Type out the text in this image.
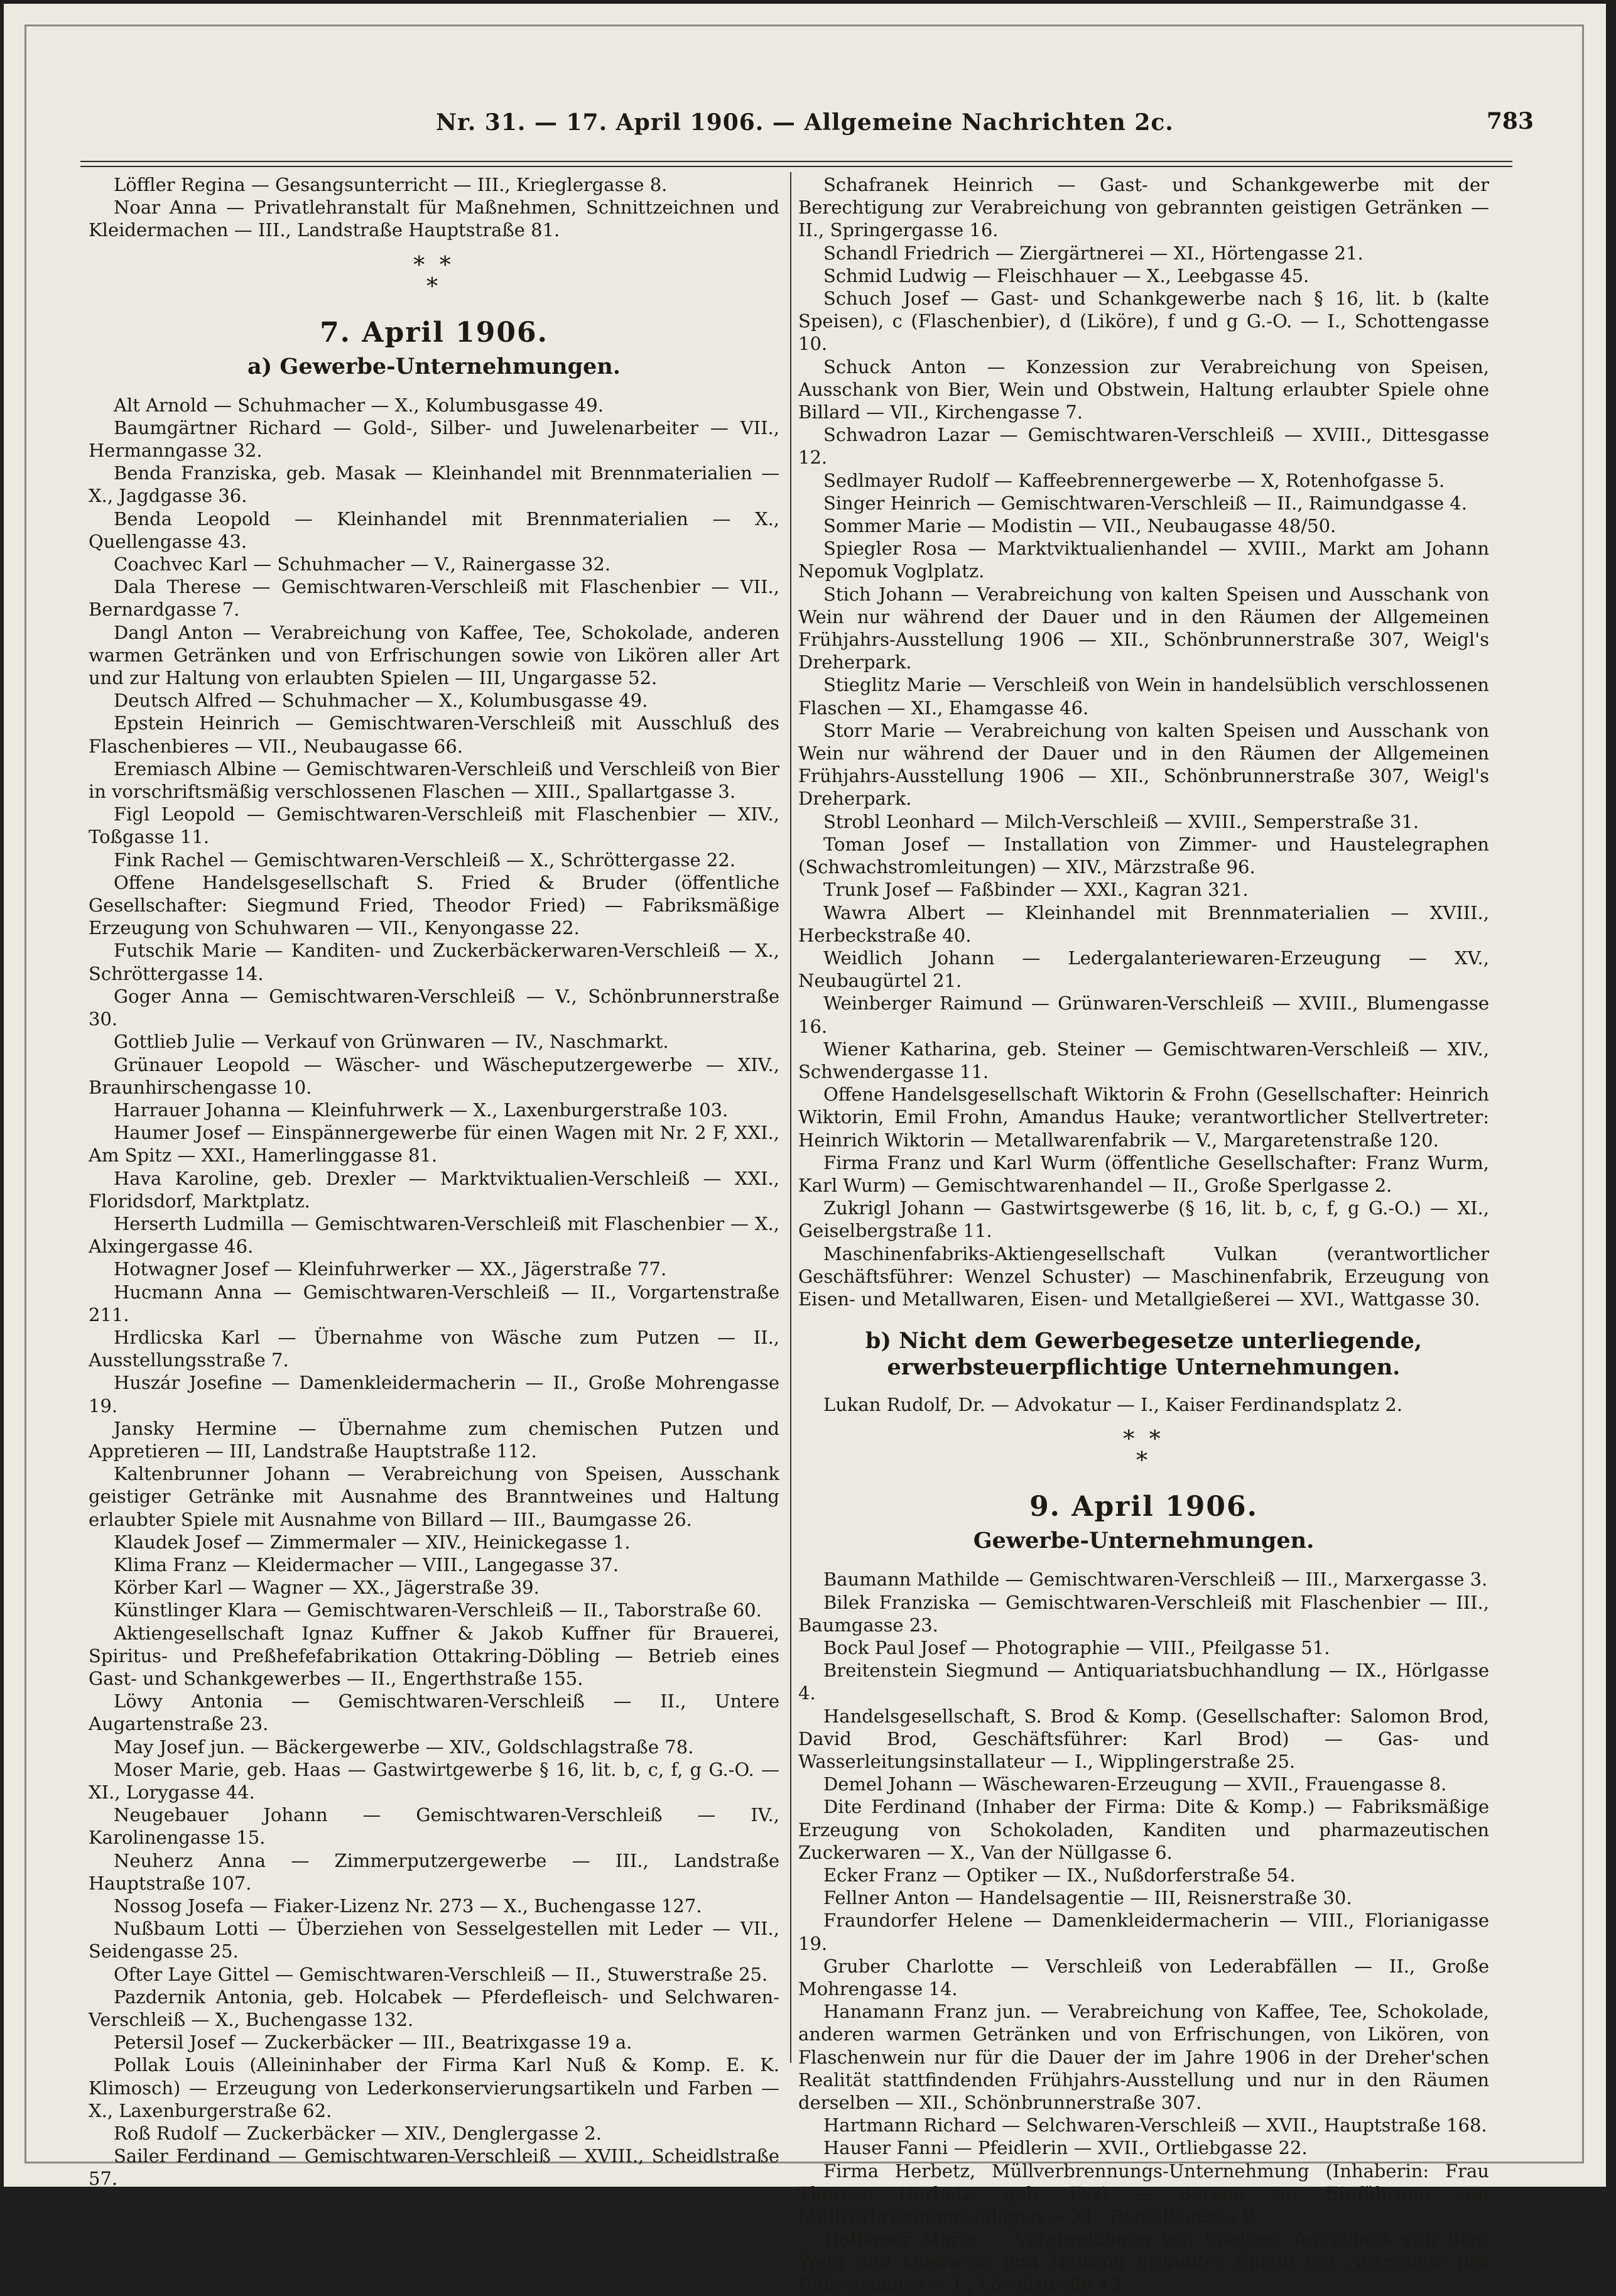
Nr. 31. — 17. April 1906. — Allgemeine Nachrichten 2c.	783

Löffler Regina — Gesangsunterricht — III., Krieglergasse 8.

Noar Anna — Privatlehranstalt für Maßnehmen, Schnittzeichnen und Kleidermachen — III., Landstraße Hauptstraße 81.

* *
*
7. April 1906.
a) Gewerbe-Unternehmungen.

Alt Arnold — Schuhmacher — X., Kolumbusgasse 49.

Baumgärtner Richard — Gold-, Silber- und Juwelenarbeiter — VII., Hermanngasse 32.

Benda Franziska, geb. Masak — Kleinhandel mit Brennmaterialien — X., Jagdgasse 36.

Benda Leopold — Kleinhandel mit Brennmaterialien — X., Quellengasse 43.

Coachvec Karl — Schuhmacher — V., Rainergasse 32.

Dala Therese — Gemischtwaren-Verschleiß mit Flaschenbier — VII., Bernardgasse 7.

Dangl Anton — Verabreichung von Kaffee, Tee, Schokolade, anderen warmen Getränken und von Erfrischungen sowie von Likören aller Art und zur Haltung von erlaubten Spielen — III, Ungargasse 52.

Deutsch Alfred — Schuhmacher — X., Kolumbusgasse 49.

Epstein Heinrich — Gemischtwaren-Verschleiß mit Ausschluß des Flaschenbieres — VII., Neubaugasse 66.

Eremiasch Albine — Gemischtwaren-Verschleiß und Verschleiß von Bier in vorschriftsmäßig verschlossenen Flaschen — XIII., Spallartgasse 3.

Figl Leopold — Gemischtwaren-Verschleiß mit Flaschenbier — XIV., Toßgasse 11.

Fink Rachel — Gemischtwaren-Verschleiß — X., Schröttergasse 22.

Offene Handelsgesellschaft S. Fried & Bruder (öffentliche Gesellschafter: Siegmund Fried, Theodor Fried) — Fabriksmäßige Erzeugung von Schuhwaren — VII., Kenyongasse 22.

Futschik Marie — Kanditen- und Zuckerbäckerwaren-Verschleiß — X., Schröttergasse 14.

Goger Anna — Gemischtwaren-Verschleiß — V., Schönbrunnerstraße 30.

Gottlieb Julie — Verkauf von Grünwaren — IV., Naschmarkt.

Grünauer Leopold — Wäscher- und Wäscheputzergewerbe — XIV., Braunhirschengasse 10.

Harrauer Johanna — Kleinfuhrwerk — X., Laxenburgerstraße 103.

Haumer Josef — Einspännergewerbe für einen Wagen mit Nr. 2 F, XXI., Am Spitz — XXI., Hamerlinggasse 81.

Hava Karoline, geb. Drexler — Marktviktualien-Verschleiß — XXI., Floridsdorf, Marktplatz.

Herserth Ludmilla — Gemischtwaren-Verschleiß mit Flaschenbier — X., Alxingergasse 46.

Hotwagner Josef — Kleinfuhrwerker — XX., Jägerstraße 77.

Hucmann Anna — Gemischtwaren-Verschleiß — II., Vorgartenstraße 211.

Hrdlicska Karl — Übernahme von Wäsche zum Putzen — II., Ausstellungsstraße 7.

Huszár Josefine — Damenkleidermacherin — II., Große Mohrengasse 19.

Jansky Hermine — Übernahme zum chemischen Putzen und Appretieren — III, Landstraße Hauptstraße 112.

Kaltenbrunner Johann — Verabreichung von Speisen, Ausschank geistiger Getränke mit Ausnahme des Branntweines und Haltung erlaubter Spiele mit Ausnahme von Billard — III., Baumgasse 26.

Klaudek Josef — Zimmermaler — XIV., Heinickegasse 1.

Klima Franz — Kleidermacher — VIII., Langegasse 37.

Körber Karl — Wagner — XX., Jägerstraße 39.

Künstlinger Klara — Gemischtwaren-Verschleiß — II., Taborstraße 60.

Aktiengesellschaft Ignaz Kuffner & Jakob Kuffner für Brauerei, Spiritus- und Preßhefefabrikation Ottakring-Döbling — Betrieb eines Gast- und Schankgewerbes — II., Engerthstraße 155.

Löwy Antonia — Gemischtwaren-Verschleiß — II., Untere Augartenstraße 23.

May Josef jun. — Bäckergewerbe — XIV., Goldschlagstraße 78.

Moser Marie, geb. Haas — Gastwirtgewerbe § 16, lit. b, c, f, g G.-O. — XI., Lorygasse 44.

Neugebauer Johann — Gemischtwaren-Verschleiß — IV., Karolinengasse 15.

Neuherz Anna — Zimmerputzergewerbe — III., Landstraße Hauptstraße 107.

Nossog Josefa — Fiaker-Lizenz Nr. 273 — X., Buchengasse 127.

Nußbaum Lotti — Überziehen von Sesselgestellen mit Leder — VII., Seidengasse 25.

Ofter Laye Gittel — Gemischtwaren-Verschleiß — II., Stuwerstraße 25.

Pazdernik Antonia, geb. Holcabek — Pferdefleisch- und Selchwaren-Verschleiß — X., Buchengasse 132.

Petersil Josef — Zuckerbäcker — III., Beatrixgasse 19 a.

Pollak Louis (Alleininhaber der Firma Karl Nuß & Komp. E. K. Klimosch) — Erzeugung von Lederkonservierungsartikeln und Farben — X., Laxenburgerstraße 62.

Roß Rudolf — Zuckerbäcker — XIV., Denglergasse 2.

Sailer Ferdinand — Gemischtwaren-Verschleiß — XVIII., Scheidlstraße 57.

Schafranek Heinrich — Gast- und Schankgewerbe mit der Berechtigung zur Verabreichung von gebrannten geistigen Getränken — II., Springergasse 16.

Schandl Friedrich — Ziergärtnerei — XI., Hörtengasse 21.

Schmid Ludwig — Fleischhauer — X., Leebgasse 45.

Schuch Josef — Gast- und Schankgewerbe nach § 16, lit. b (kalte Speisen), c (Flaschenbier), d (Liköre), f und g G.-O. — I., Schottengasse 10.

Schuck Anton — Konzession zur Verabreichung von Speisen, Ausschank von Bier, Wein und Obstwein, Haltung erlaubter Spiele ohne Billard — VII., Kirchengasse 7.

Schwadron Lazar — Gemischtwaren-Verschleiß — XVIII., Dittesgasse 12.

Sedlmayer Rudolf — Kaffeebrennergewerbe — X, Rotenhofgasse 5.

Singer Heinrich — Gemischtwaren-Verschleiß — II., Raimundgasse 4.

Sommer Marie — Modistin — VII., Neubaugasse 48/50.

Spiegler Rosa — Marktviktualienhandel — XVIII., Markt am Johann Nepomuk Voglplatz.

Stich Johann — Verabreichung von kalten Speisen und Ausschank von Wein nur während der Dauer und in den Räumen der Allgemeinen Frühjahrs-Ausstellung 1906 — XII., Schönbrunnerstraße 307, Weigl's Dreherpark.

Stieglitz Marie — Verschleiß von Wein in handelsüblich verschlossenen Flaschen — XI., Ehamgasse 46.

Storr Marie — Verabreichung von kalten Speisen und Ausschank von Wein nur während der Dauer und in den Räumen der Allgemeinen Frühjahrs-Ausstellung 1906 — XII., Schönbrunnerstraße 307, Weigl's Dreherpark.

Strobl Leonhard — Milch-Verschleiß — XVIII., Semperstraße 31.

Toman Josef — Installation von Zimmer- und Haustelegraphen (Schwachstromleitungen) — XIV., Märzstraße 96.

Trunk Josef — Faßbinder — XXI., Kagran 321.

Wawra Albert — Kleinhandel mit Brennmaterialien — XVIII., Herbeckstraße 40.

Weidlich Johann — Ledergalanteriewaren-Erzeugung — XV., Neubaugürtel 21.

Weinberger Raimund — Grünwaren-Verschleiß — XVIII., Blumengasse 16.

Wiener Katharina, geb. Steiner — Gemischtwaren-Verschleiß — XIV., Schwendergasse 11.

Offene Handelsgesellschaft Wiktorin & Frohn (Gesellschafter: Heinrich Wiktorin, Emil Frohn, Amandus Hauke; verantwortlicher Stellvertreter: Heinrich Wiktorin — Metallwarenfabrik — V., Margaretenstraße 120.

Firma Franz und Karl Wurm (öffentliche Gesellschafter: Franz Wurm, Karl Wurm) — Gemischtwarenhandel — II., Große Sperlgasse 2.

Zukrigl Johann — Gastwirtsgewerbe (§ 16, lit. b, c, f, g G.-O.) — XI., Geiselbergstraße 11.

Maschinenfabriks-Aktiengesellschaft Vulkan (verantwortlicher Geschäftsführer: Wenzel Schuster) — Maschinenfabrik, Erzeugung von Eisen- und Metallwaren, Eisen- und Metallgießerei — XVI., Wattgasse 30.

b) Nicht dem Gewerbegesetze unterliegende, erwerbsteuerpflichtige Unternehmungen.

Lukan Rudolf, Dr. — Advokatur — I., Kaiser Ferdinandsplatz 2.

* *
*
9. April 1906.
Gewerbe-Unternehmungen.

Baumann Mathilde — Gemischtwaren-Verschleiß — III., Marxergasse 3.

Bilek Franziska — Gemischtwaren-Verschleiß mit Flaschenbier — III., Baumgasse 23.

Bock Paul Josef — Photographie — VIII., Pfeilgasse 51.

Breitenstein Siegmund — Antiquariatsbuchhandlung — IX., Hörlgasse 4.

Handelsgesellschaft, S. Brod & Komp. (Gesellschafter: Salomon Brod, David Brod, Geschäftsführer: Karl Brod) — Gas- und Wasserleitungsinstallateur — I., Wipplingerstraße 25.

Demel Johann — Wäschewaren-Erzeugung — XVII., Frauengasse 8.

Dite Ferdinand (Inhaber der Firma: Dite & Komp.) — Fabriksmäßige Erzeugung von Schokoladen, Kanditen und pharmazeutischen Zuckerwaren — X., Van der Nüllgasse 6.

Ecker Franz — Optiker — IX., Nußdorferstraße 54.

Fellner Anton — Handelsagentie — III, Reisnerstraße 30.

Fraundorfer Helene — Damenkleidermacherin — VIII., Florianigasse 19.

Gruber Charlotte — Verschleiß von Lederabfällen — II., Große Mohrengasse 14.

Hanamann Franz jun. — Verabreichung von Kaffee, Tee, Schokolade, anderen warmen Getränken und von Erfrischungen, von Likören, von Flaschenwein nur für die Dauer der im Jahre 1906 in der Dreher'schen Realität stattfindenden Frühjahrs-Ausstellung und nur in den Räumen derselben — XII., Schönbrunnerstraße 307.

Hartmann Richard — Selchwaren-Verschleiß — XVII., Hauptstraße 168.

Hauser Fanni — Pfeidlerin — XVII., Ortliebgasse 22.

Firma Herbetz, Müllverbrennungs-Unternehmung (Inhaberin: Frau Therese Herbetz, geb. Fay) — Bureau zur Einführung von Müllverbrennungsanlagen — XI., Remellagasse 9.

Hofbauer Marie — Verabreichung von Speisen, Ausschank von Bier, Wein und Obstwein und Haltung erlaubter Spiele mit Ausnahme des Billardspieles — I., Löwelstraße 12.
